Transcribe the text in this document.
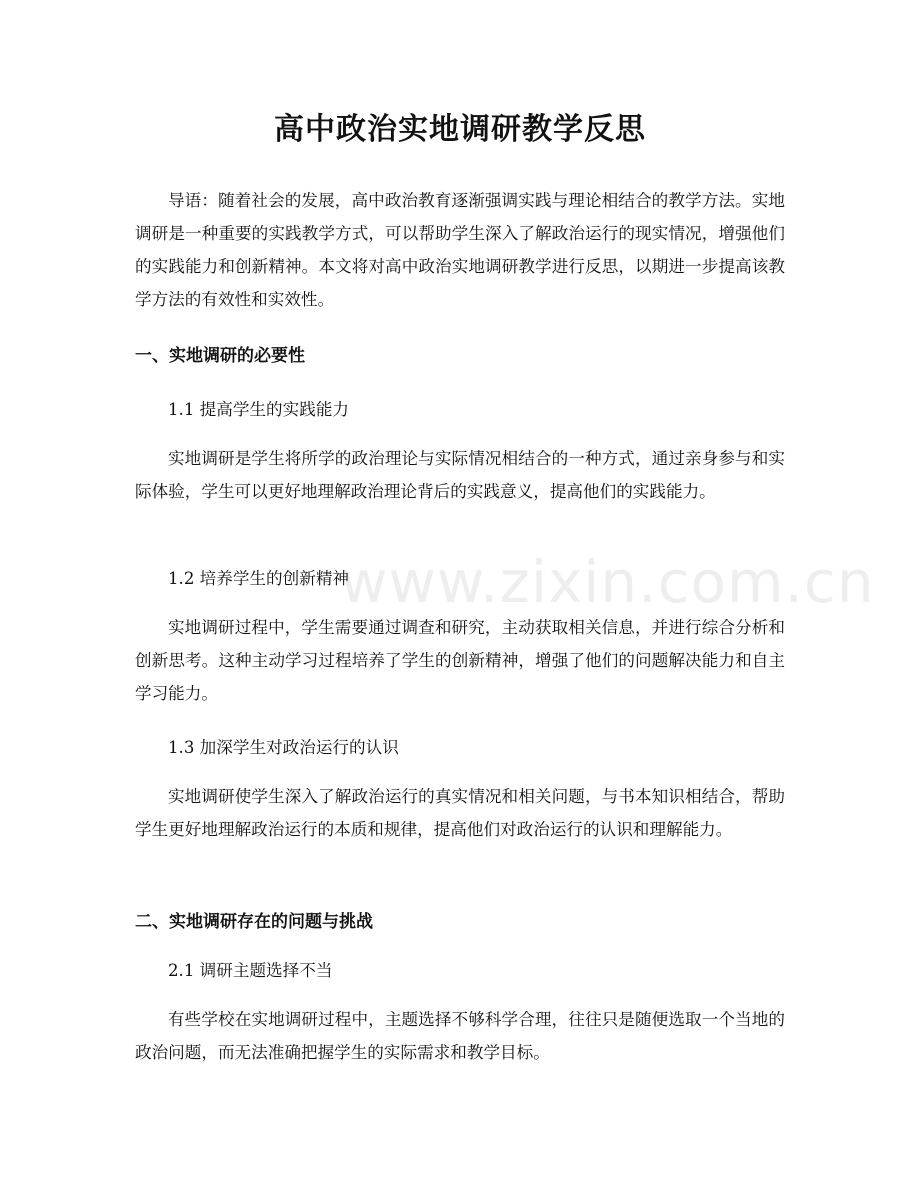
高中政治实地调研教学反思

导语：随着社会的发展，高中政治教育逐渐强调实践与理论相结合的教学方法。实地调研是一种重要的实践教学方式，可以帮助学生深入了解政治运行的现实情况，增强他们的实践能力和创新精神。本文将对高中政治实地调研教学进行反思，以期进一步提高该教学方法的有效性和实效性。

一、实地调研的必要性

1.1 提高学生的实践能力

实地调研是学生将所学的政治理论与实际情况相结合的一种方式，通过亲身参与和实际体验，学生可以更好地理解政治理论背后的实践意义，提高他们的实践能力。

1.2 培养学生的创新精神

实地调研过程中，学生需要通过调查和研究，主动获取相关信息，并进行综合分析和创新思考。这种主动学习过程培养了学生的创新精神，增强了他们的问题解决能力和自主学习能力。

1.3 加深学生对政治运行的认识

实地调研使学生深入了解政治运行的真实情况和相关问题，与书本知识相结合，帮助学生更好地理解政治运行的本质和规律，提高他们对政治运行的认识和理解能力。

二、实地调研存在的问题与挑战

2.1 调研主题选择不当

有些学校在实地调研过程中，主题选择不够科学合理，往往只是随便选取一个当地的政治问题，而无法准确把握学生的实际需求和教学目标。

www.zixin.com.cn
